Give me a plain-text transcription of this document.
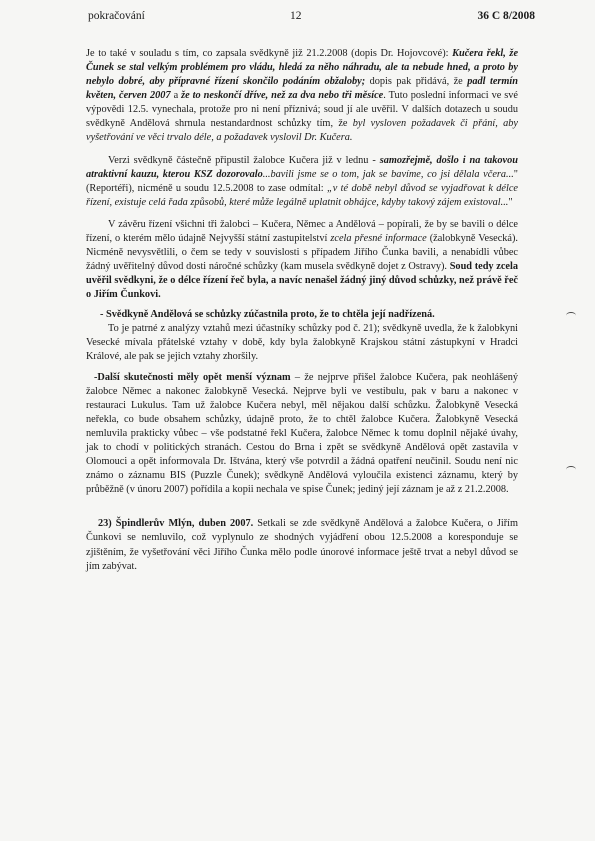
pokračování	12	36 C 8/2008

Je to také v souladu s tím, co zapsala svědkyně již 21.2.2008 (dopis Dr. Hojovcové): Kučera řekl, že Čunek se stal velkým problémem pro vládu, hledá za něho náhradu, ale ta nebude hned, a proto by nebylo dobré, aby přípravné řízení skončilo podáním obžaloby; dopis pak přidává, že padl termín květen, červen 2007 a že to neskončí dříve, než za dva nebo tři měsíce. Tuto poslední informaci ve své výpovědi 12.5. vynechala, protože pro ni není příznivá; soud jí ale uvěřil. V dalších dotazech u soudu svědkyně Andělová shrnula nestandardnost schůzky tím, že byl vysloven požadavek či přání, aby vyšetřování ve věci trvalo déle, a požadavek vyslovil Dr. Kučera.

Verzi svědkyně částečně připustil žalobce Kučera již v lednu - samozřejmě, došlo i na takovou atraktivní kauzu, kterou KSZ dozorovalo...bavili jsme se o tom, jak se bavíme, co jsi dělala včera..." (Reportéři), nicméně u soudu 12.5.2008 to zase odmítal: „v té době nebyl důvod se vyjadřovat k délce řízení, existuje celá řada způsobů, které může legálně uplatnit obhájce, kdyby takový zájem existoval..."

V závěru řízení všichni tři žalobci – Kučera, Němec a Andělová – popírali, že by se bavili o délce řízení, o kterém mělo údajně Nejvyšší státní zastupitelství zcela přesné informace (žalobkyně Vesecká). Nicméně nevysvětlili, o čem se tedy v souvislosti s případem Jiřího Čunka bavili, a nenabídli vůbec žádný uvěřitelný důvod dosti náročné schůzky (kam musela svědkyně dojet z Ostravy). Soud tedy zcela uvěřil svědkyni, že o délce řízení řeč byla, a navíc nenašel žádný jiný důvod schůzky, než právě řeč o Jiřím Čunkovi.

- Svědkyně Andělová se schůzky zúčastnila proto, že to chtěla její nadřízená.

To je patrné z analýzy vztahů mezi účastníky schůzky pod č. 21); svědkyně uvedla, že k žalobkyni Vesecké mívala přátelské vztahy v době, kdy byla žalobkyně Krajskou státní zástupkyní v Hradci Králové, ale pak se jejich vztahy zhoršily.

-Další skutečnosti měly opět menší význam – že nejprve přišel žalobce Kučera, pak neohlášený žalobce Němec a nakonec žalobkyně Vesecká. Nejprve byli ve vestibulu, pak v baru a nakonec v restauraci Lukulus. Tam už žalobce Kučera nebyl, měl nějakou další schůzku. Žalobkyně Vesecká neřekla, co bude obsahem schůzky, údajně proto, že to chtěl žalobce Kučera. Žalobkyně Vesecká nemluvila prakticky vůbec – vše podstatné řekl Kučera, žalobce Němec k tomu doplnil nějaké úvahy, jak to chodí v politických stranách. Cestou do Brna i zpět se svědkyně Andělová opět zastavila v Olomouci a opět informovala Dr. Ištvána, který vše potvrdil a žádná opatření neučinil. Soudu není nic známo o záznamu BIS (Puzzle Čunek); svědkyně Andělová vyloučila existenci záznamu, který by průběžně (v únoru 2007) pořídila a kopii nechala ve spise Čunek; jediný její záznam je až z 21.2.2008.

23) Špindlerův Mlýn, duben 2007. Setkali se zde svědkyně Andělová a žalobce Kučera, o Jiřím Čunkovi se nemluvilo, což vyplynulo ze shodných vyjádření obou 12.5.2008 a korespondujе se zjištěním, že vyšetřování věci Jiřího Čunka mělo podle únorové informace ještě trvat a nebyl důvod se jím zabývat.
